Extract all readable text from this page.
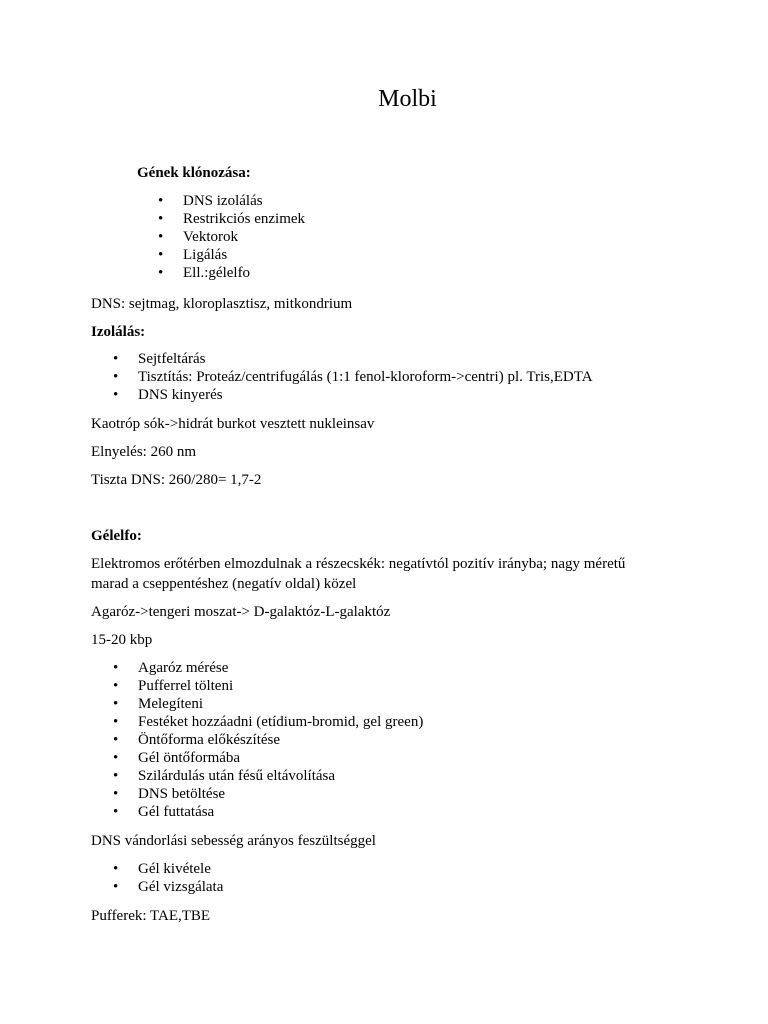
Molbi
Gének klónozása:
• DNS izolálás
• Restrikciós enzimek
• Vektorok
• Ligálás
• Ell.:gélelfo

DNS: sejtmag, kloroplasztisz, mitkondrium

Izolálás:
• Sejtfeltárás
• Tisztítás: Proteáz/centrifugálás (1:1 fenol-kloroform->centri) pl. Tris,EDTA
• DNS kinyerés

Kaotróp sók->hidrát burkot vesztett nukleinsav

Elnyelés: 260 nm

Tiszta DNS: 260/280= 1,7-2

Gélelfo:

Elektromos erőtérben elmozdulnak a részecskék: negatívtól pozitív irányba; nagy méretű marad a cseppentéshez (negatív oldal) közel

Agaróz->tengeri moszat-> D-galaktóz-L-galaktóz

15-20 kbp

• Agaróz mérése
• Pufferrel tölteni
• Melegíteni
• Festéket hozzáadni (etídium-bromid, gel green)
• Öntőforma előkészítése
• Gél öntőformába
• Szilárdulás után fésű eltávolítása
• DNS betöltése
• Gél futtatása

DNS vándorlási sebesség arányos feszültséggel

• Gél kivétele
• Gél vizsgálata

Pufferek: TAE,TBE
